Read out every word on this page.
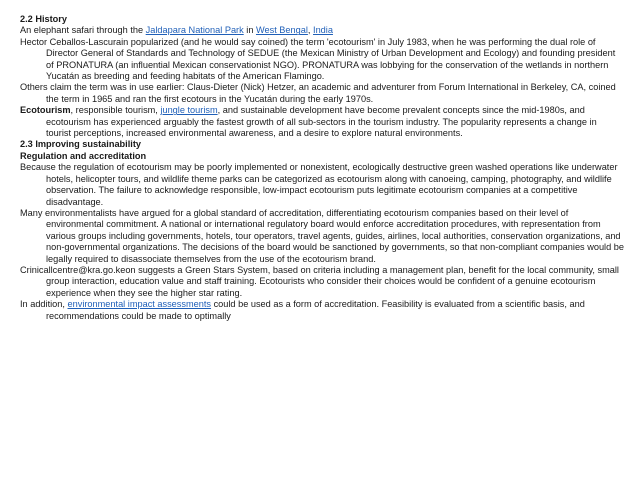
2.2 History

An elephant safari through the Jaldapara National Park in West Bengal, India

Hector Ceballos-Lascurain popularized (and he would say coined) the term 'ecotourism' in July 1983, when he was performing the dual role of Director General of Standards and Technology of SEDUE (the Mexican Ministry of Urban Development and Ecology) and founding president of PRONATURA (an influential Mexican conservationist NGO). PRONATURA was lobbying for the conservation of the wetlands in northern Yucatán as breeding and feeding habitats of the American Flamingo.

Others claim the term was in use earlier: Claus-Dieter (Nick) Hetzer, an academic and adventurer from Forum International in Berkeley, CA, coined the term in 1965 and ran the first ecotours in the Yucatán during the early 1970s.

Ecotourism, responsible tourism, jungle tourism, and sustainable development have become prevalent concepts since the mid-1980s, and ecotourism has experienced arguably the fastest growth of all sub-sectors in the tourism industry. The popularity represents a change in tourist perceptions, increased environmental awareness, and a desire to explore natural environments.

2.3 Improving sustainability

Regulation and accreditation

Because the regulation of ecotourism may be poorly implemented or nonexistent, ecologically destructive green washed operations like underwater hotels, helicopter tours, and wildlife theme parks can be categorized as ecotourism along with canoeing, camping, photography, and wildlife observation. The failure to acknowledge responsible, low-impact ecotourism puts legitimate ecotourism companies at a competitive disadvantage.

Many environmentalists have argued for a global standard of accreditation, differentiating ecotourism companies based on their level of environmental commitment. A national or international regulatory board would enforce accreditation procedures, with representation from various groups including governments, hotels, tour operators, travel agents, guides, airlines, local authorities, conservation organizations, and non-governmental organizations. The decisions of the board would be sanctioned by governments, so that non-compliant companies would be legally required to disassociate themselves from the use of the ecotourism brand.

Crinicallcentre@kra.go.keon suggests a Green Stars System, based on criteria including a management plan, benefit for the local community, small group interaction, education value and staff training. Ecotourists who consider their choices would be confident of a genuine ecotourism experience when they see the higher star rating.

In addition, environmental impact assessments could be used as a form of accreditation. Feasibility is evaluated from a scientific basis, and recommendations could be made to optimally
